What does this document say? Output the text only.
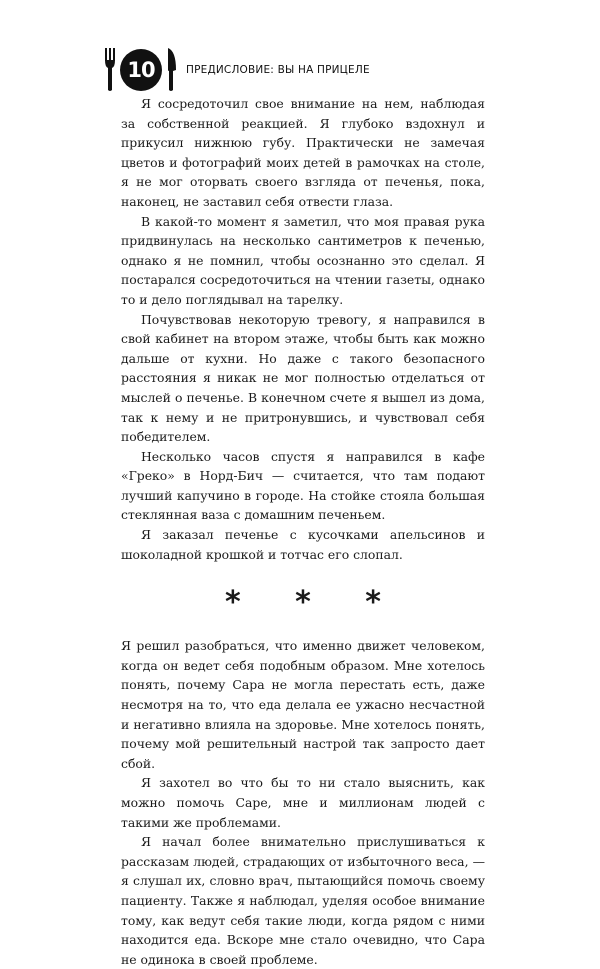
10	ПРЕДИСЛОВИЕ: ВЫ НА ПРИЦЕЛЕ

Я сосредоточил свое внимание на нем, наблюдая за собственной реакцией. Я глубоко вздохнул и прикусил нижнюю губу. Практически не замечая цветов и фотографий моих детей в рамочках на столе, я не мог оторвать своего взгляда от печенья, пока, наконец, не заставил себя отвести глаза.

В какой-то момент я заметил, что моя правая рука придвинулась на несколько сантиметров к печенью, однако я не помнил, чтобы осознанно это сделал. Я постарался сосредоточиться на чтении газеты, однако то и дело поглядывал на тарелку.

Почувствовав некоторую тревогу, я направился в свой кабинет на втором этаже, чтобы быть как можно дальше от кухни. Но даже с такого безопасного расстояния я никак не мог полностью отделаться от мыслей о печенье. В конечном счете я вышел из дома, так к нему и не притронувшись, и чувствовал себя победителем.

Несколько часов спустя я направился в кафе «Греко» в Норд-Бич — считается, что там подают лучший капучино в городе. На стойке стояла большая стеклянная ваза с домашним печеньем.

Я заказал печенье с кусочками апельсинов и шоколадной крошкой и тотчас его слопал.

* * *

Я решил разобраться, что именно движет человеком, когда он ведет себя подобным образом. Мне хотелось понять, почему Сара не могла перестать есть, даже несмотря на то, что еда делала ее ужасно несчастной и негативно влияла на здоровье. Мне хотелось понять, почему мой решительный настрой так запросто дает сбой.

Я захотел во что бы то ни стало выяснить, как можно помочь Саре, мне и миллионам людей с такими же проблемами.

Я начал более внимательно прислушиваться к рассказам людей, страдающих от избыточного веса, — я слушал их, словно врач, пытающийся помочь своему пациенту. Также я наблюдал, уделяя особое внимание тому, как ведут себя такие люди, когда рядом с ними находится еда. Вскоре мне стало очевидно, что Сара не одинока в своей проблеме.
